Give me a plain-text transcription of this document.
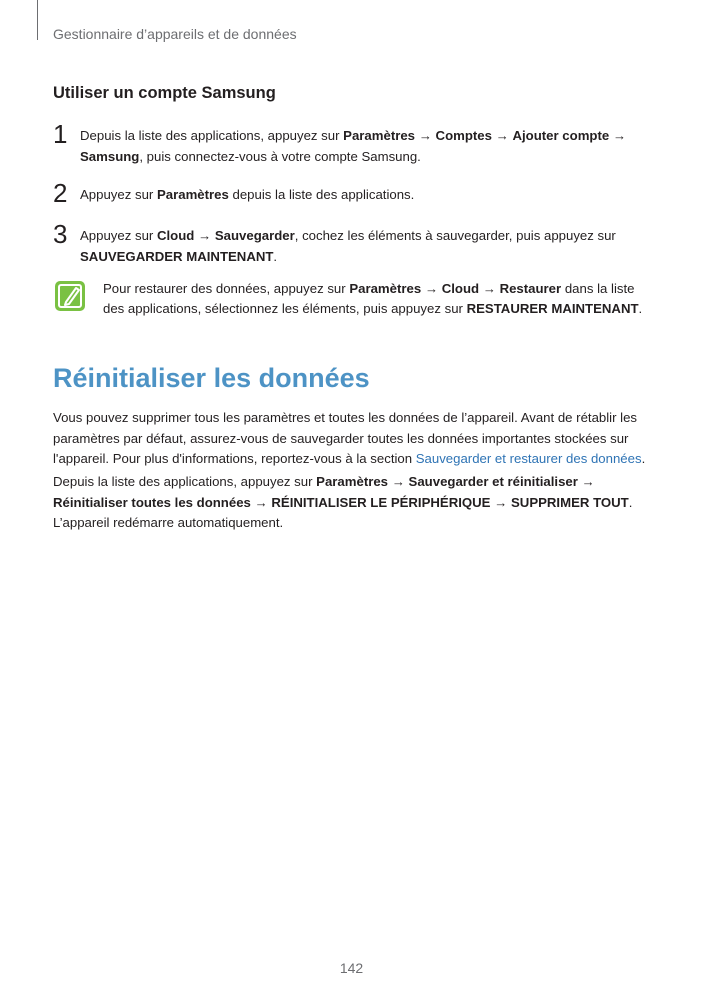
Gestionnaire d’appareils et de données
Utiliser un compte Samsung
1 Depuis la liste des applications, appuyez sur Paramètres → Comptes → Ajouter compte → Samsung, puis connectez-vous à votre compte Samsung.
2 Appuyez sur Paramètres depuis la liste des applications.
3 Appuyez sur Cloud → Sauvegarder, cochez les éléments à sauvegarder, puis appuyez sur SAUVEGARDER MAINTENANT.
Pour restaurer des données, appuyez sur Paramètres → Cloud → Restaurer dans la liste des applications, sélectionnez les éléments, puis appuyez sur RESTAURER MAINTENANT.
Réinitialiser les données
Vous pouvez supprimer tous les paramètres et toutes les données de l’appareil. Avant de rétablir les paramètres par défaut, assurez-vous de sauvegarder toutes les données importantes stockées sur l'appareil. Pour plus d'informations, reportez-vous à la section Sauvegarder et restaurer des données.
Depuis la liste des applications, appuyez sur Paramètres → Sauvegarder et réinitialiser → Réinitialiser toutes les données → RÉINITIALISER LE PÉRIPHÉRIQUE → SUPPRIMER TOUT.
L’appareil redémarre automatiquement.
142
